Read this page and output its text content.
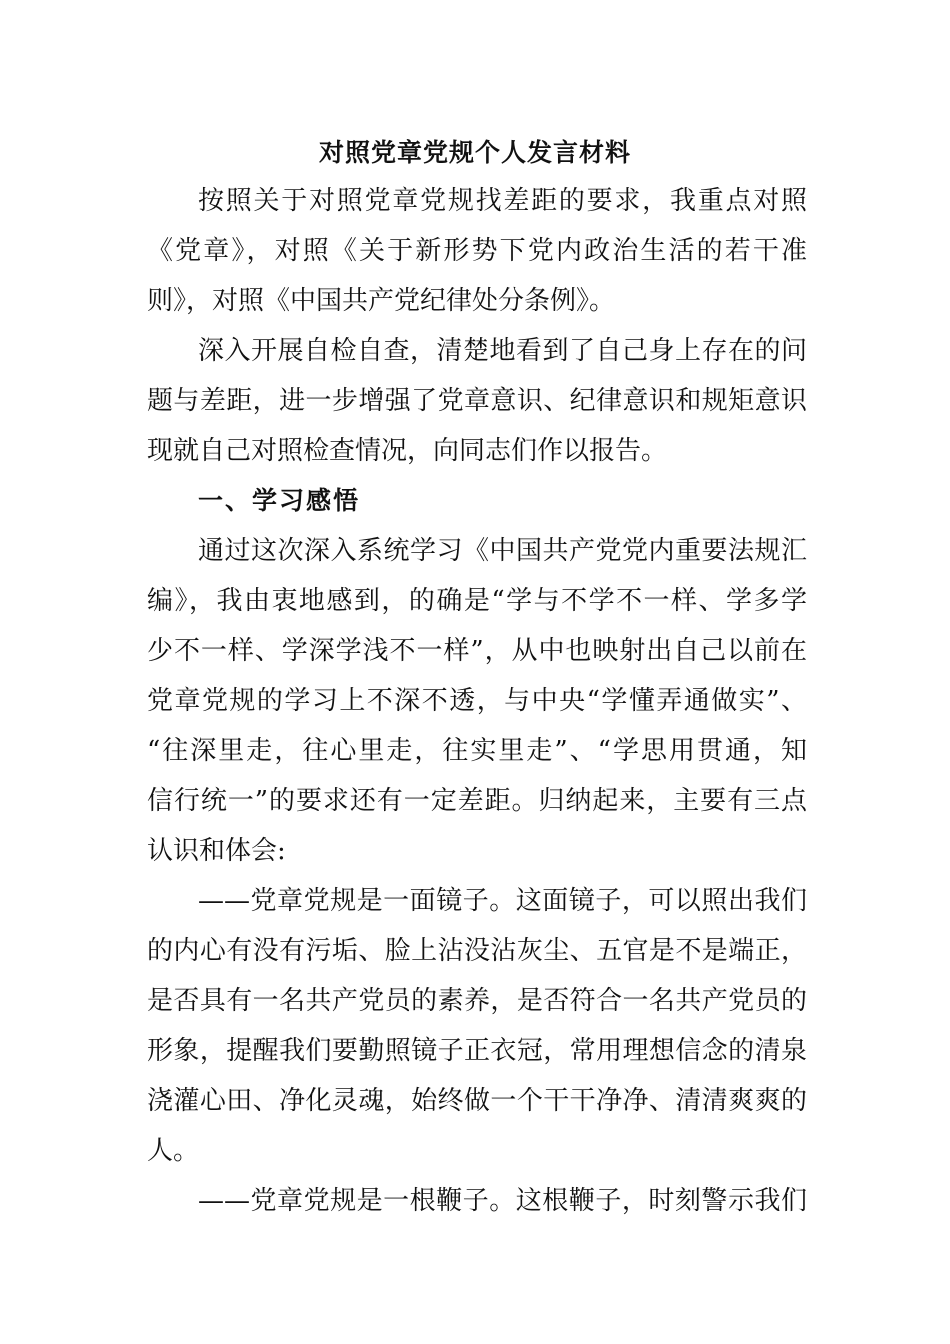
对照党章党规个人发言材料

按照关于对照党章党规找差距的要求，我重点对照

《党章》，对照《关于新形势下党内政治生活的若干准

则》，对照《中国共产党纪律处分条例》。

深入开展自检自查，清楚地看到了自己身上存在的问

题与差距，进一步增强了党章意识、纪律意识和规矩意识

现就自己对照检查情况，向同志们作以报告。

一、学习感悟

通过这次深入系统学习《中国共产党党内重要法规汇

编》，我由衷地感到，的确是“学与不学不一样、学多学

少不一样、学深学浅不一样”，从中也映射出自己以前在

党章党规的学习上不深不透，与中央“学懂弄通做实”、

“往深里走，往心里走，往实里走”、“学思用贯通，知

信行统一”的要求还有一定差距。归纳起来，主要有三点

认识和体会:

——党章党规是一面镜子。这面镜子，可以照出我们

的内心有没有污垢、脸上沾没沾灰尘、五官是不是端正，

是否具有一名共产党员的素养，是否符合一名共产党员的

形象，提醒我们要勤照镜子正衣冠，常用理想信念的清泉

浇灌心田、净化灵魂，始终做一个干干净净、清清爽爽的

人。

——党章党规是一根鞭子。这根鞭子，时刻警示我们
